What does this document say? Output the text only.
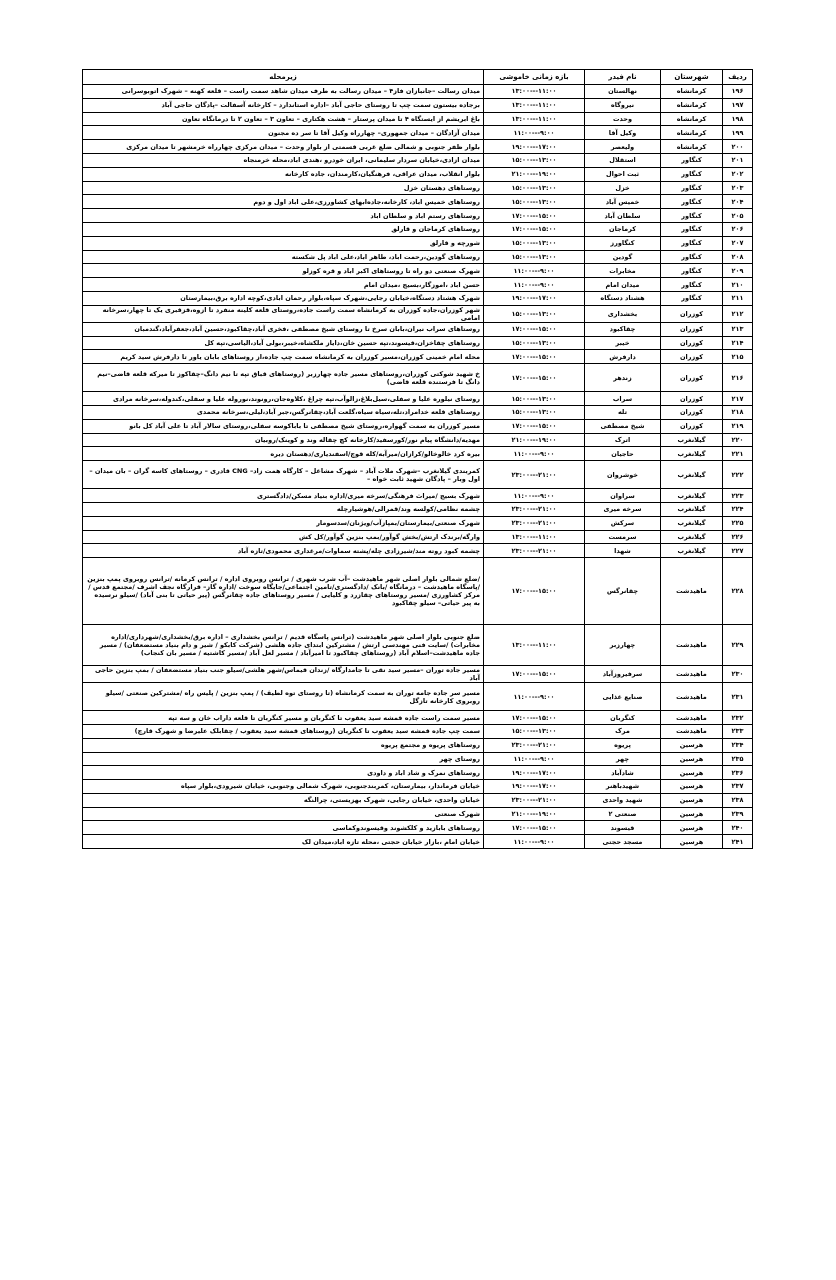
ردیف	شهرستان	نام فیدر	بازه زمانی خاموشی	زیرمحله
۱۹۶	کرمانشاه	نهالستان	۱۱:۰۰---۱۳:۰۰	میدان رسالت –جانبازان فاز۴ – میدان رسالت به طرف میدان شاهد سمت راست – قلعه کهنه – شهرک اتوبوسرانی
۱۹۷	کرمانشاه	نیروگاه	۱۱:۰۰---۱۳:۰۰	برجاده بیستون سمت چپ تا روستای حاجی آباد –اداره استاندارد – کارخانه آسفالت –پادگان حاجی آباد
۱۹۸	کرمانشاه	وحدت	۱۱:۰۰---۱۳:۰۰	باغ ابریشم از ایستگاه ۴ تا میدان پرستار – هشت هکتاری – تعاون ۳ – تعاون ۲ تا درمانگاه تعاون
۱۹۹	کرمانشاه	وکیل آقا	۹:۰۰---۱۱:۰۰	میدان آزادگان – میدان جمهوری– چهارراه وکیل آقا تا سر ده مجنون
۲۰۰	کرمانشاه	ولیعصر	۱۷:۰۰---۱۹:۰۰	بلوار ظفر جنوبی و شمالی ضلع غربی قسمتی از بلوار وحدت – میدان مرکزی چهارراه خرمشهر تا میدان مرکزی
۲۰۱	کنگاور	استقلال	۱۳:۰۰---۱۵:۰۰	میدان ازادی،خیابان سردار سلیمانی، ایران خودرو ،هندی اباد،محله خرمنجاه
۲۰۲	کنگاور	ثبت احوال	۱۹:۰۰---۲۱:۰۰	بلوار انقلاب، میدان عراقی، فرهنگیان،کارمندان، جاده کارخانه
۲۰۳	کنگاور	خزل	۱۳:۰۰---۱۵:۰۰	روستاهای دهستان خزل
۲۰۴	کنگاور	خمیس آباد	۱۳:۰۰---۱۵:۰۰	روستاهای خمیس اباد، کارخانه،جاده‌ابهای کشاورزی،علی اباد اول و دوم
۲۰۵	کنگاور	سلطان آباد	۱۵:۰۰---۱۷:۰۰	روستاهای رستم اباد و سلطان اباد
۲۰۶	کنگاور	کرماجان	۱۵:۰۰---۱۷:۰۰	روستاهای کرماجان و قارلق
۲۰۷	کنگاور	کنگاورز	۱۳:۰۰---۱۵:۰۰	شورچه و قارلق
۲۰۸	کنگاور	گودین	۱۳:۰۰---۱۵:۰۰	روستاهای گودین،رحمت اباد، طاهر اباد،علی اباد پل شکسته
۲۰۹	کنگاور	مخابرات	۹:۰۰---۱۱:۰۰	شهرک صنعتی دو راه تا روستاهای اکبر اباد و قره کوزلو
۲۱۰	کنگاور	میدان امام	۹:۰۰---۱۱:۰۰	حسن اباد ،اموزگار،بسیج ،میدان امام
۲۱۱	کنگاور	هشتاد دستگاه	۱۷:۰۰---۱۹:۰۰	شهرک هشتاد دستگاه،خیابان رجایی،شهرک سپاه،بلوار رحمان ابادی،کوچه اداره برق،بیمارستان
۲۱۲	کوزران	بخشداری	۱۳:۰۰---۱۵:۰۰	شهر کوزران،جاده کوزران به کرمانشاه سمت راست جاده،روستای قلعه کلینه منفرد تا ازوه،قزقبری یک تا چهار،سرخانه امامی
۲۱۳	کوزران	چقاکبود	۱۵:۰۰---۱۷:۰۰	روستاهای سراب نیران،بابان سرخ تا روستای شیخ مصطفی ،فخری آباد،چقاکبود،حسین آباد،جعفرآباد،گندمبان
۲۱۴	کوزران	خیبر	۱۳:۰۰---۱۵:۰۰	روستاهای چقاخزان،قیسوند،تپه حسین خان،دایاز ملکشاه،خیبر،بولی آباد،الیاسی،تپه کل
۲۱۵	کوزران	دارفرش	۱۵:۰۰---۱۷:۰۰	محله امام خمینی کوزران،مسیر کوزران به کرمانشاه سمت چپ جاده،از روستاهای بابان یاور تا دارفرش سید کریم
۲۱۶	کوزران	زندهر	۱۵:۰۰---۱۷:۰۰	خ شهید شوکتی کوزران،روستاهای مسیر جاده چهارزبر (روستاهای قباق تپه تا نیم دانگ–چقاکوز تا میرکه قلعه قاضی–نیم دانگ تا فرستنده قلعه قاضی)
۲۱۷	کوزران	سراب	۱۳:۰۰---۱۵:۰۰	روستای نیلوره علیا و سفلی،سیل‌بلاغ،زالوآب،تپه چراغ ،کلاوه‌جان،رونوند،نوروله علیا و سفلی،کندوله،سرخانه مرادی
۲۱۸	کوزران	تله	۱۳:۰۰---۱۵:۰۰	روستاهای قلعه خدامراد،تله،سیاه سیاه،گلعت آباد،چقانرگس،جبر آباد،لیلی،سرخانه محمدی
۲۱۹	کوزران	شیخ مصطفی	۱۵:۰۰---۱۷:۰۰	مسیر کوزران به سمت گهواره،روستای شیخ مصطفی تا باباکوسه سفلی،روستای سالار آباد تا علی آباد کل بانو
۲۲۰	گیلانغرب	اترک	۱۹:۰۰---۲۱:۰۰	مهدیه/دانشگاه پیام نور/کورسفید/کارخانه کچ چقاله وند و کوینک/روبیان
۲۲۱	گیلانغرب	حاجیان	۹:۰۰---۱۱:۰۰	بیره کرد خالوخالو/کرازان/میرآبه/کله قوچ/اسفندیاری/دهستان دیره
۲۲۲	گیلانغرب	خوشروان	۲۱:۰۰---۲۳:۰۰	کمربندی گیلانغرب –شهرک ملات آباد – شهرک مشاغل – کارگاه همت زاد– CNG قادری – روستاهای کاسه گران – بان میدان – اول وبار – پادگان شهید ثابت خواه –
۲۲۳	گیلانغرب	سراوان	۹:۰۰---۱۱:۰۰	شهرک بسیج /میراث فرهنگی/سرخه میری/اداره بنیاد مسکن/دادگستری
۲۲۴	گیلانغرب	سرخه میری	۲۱:۰۰---۲۳:۰۰	چشمه نظامی/کولسه وند/قمرالی/هوشیارچله
۲۲۵	گیلانغرب	سرکش	۲۱:۰۰---۲۳:۰۰	شهرک صنعتی/بیمارستان/بمپازآب/ویژنان/سدسومار
۲۲۶	گیلانغرب	سرمست	۱۱:۰۰---۱۳:۰۰	وارگه/برندک ارتش/بخش گوآور/بمپ بنزین گوآور/کل کش
۲۲۷	گیلانغرب	شهدا	۲۱:۰۰---۲۳:۰۰	چشمه کبود روته مند/شیرزادی چله/پشته سماوات/مرغداری محمودی/تازه آباد
۲۲۸	ماهیدشت	چقانرگس	۱۵:۰۰---۱۷:۰۰	/ضلع شمالی بلوار اصلی شهر ماهیدشت –آب شرب شهری / ترانس روبروی اداره / ترانس کرمانه /ترانس روبروی پمپ بنزین /پاسگاه ماهیدشت – درمانگاه /بانک /دادگستری/تامین اجتماعی/جایگاه سوخت /اداره گاز– قرارگاه نجف اشرف /مجتمع قدس /مرکز کشاورزی /مسیر روستاهای چقازرد و کلیایی / مسیر روستاهای جاده چقانرگس (پیر حیاتی تا بنی آباد) /سیلو نرسیده به پیر حیاتی– سیلو چقاکبود
۲۲۹	ماهیدشت	چهارزبر	۱۱:۰۰---۱۳:۰۰	ضلع جنوبی بلوار اصلی شهر ماهیدشت (ترانس پاسگاه قدیم / ترانس بخشداری – اداره برق/بخشداری/شهرداری/اداره مخابرات) /سایت فنی مهندسی ارتش / مشترکین ابتدای جاده هلشی (شرکت کابکو / شیر و دام بنیاد مستضعفان) / مسیر جاده ماهیدشت–اسلام آباد (روستاهای چقاکبود تا امیرآباد / مسیر لعل آباد /مسیر کاشتیه / مسیر بان کنجاب)
۲۳۰	ماهیدشت	سرفیروزآباد	۱۵:۰۰---۱۷:۰۰	مسیر جاده توران –مسیر سید نقی تا جامدارگاه /زندان قیماس/شهر هلشی/سیلو جنب بنیاد مستضعفان / بمپ بنزین حاجی آباد
۲۳۱	ماهیدشت	صنایع غذایی	۹:۰۰---۱۱:۰۰	مسیر سر جاده جامه توران به سمت کرمانشاه (تا روستای توه لطیف) / پمپ بنزین / پلیس راه /مشترکین صنعتی /سیلو روبروی کارخانه تازگل
۲۳۲	ماهیدشت	کنگربان	۱۵:۰۰---۱۷:۰۰	مسیر سمت راست جاده قمشه سید یعقوب تا کنگربان و مسیر کنگربان تا قلعه داراب خان و سه تپه
۲۳۳	ماهیدشت	مرک	۱۳:۰۰---۱۵:۰۰	سمت چپ جاده قمشه سید یعقوب تا کنگربان (روستاهای قمشه سید یعقوب / چقابلک علیرضا و شهرک قارچ)
۲۳۴	هرسین	پریوه	۲۱:۰۰---۲۳:۰۰	روستاهای پریوه و مجتمع پریوه
۲۳۵	هرسین	چهر	۹:۰۰---۱۱:۰۰	روستای چهر
۲۳۶	هرسین	شادآباد	۱۷:۰۰---۱۹:۰۰	روستاهای نمرک و شاد اباد و داودی
۲۳۷	هرسین	شهیدباهنر	۱۷:۰۰---۱۹:۰۰	خیابان فرماندار، بیمارستان، کمربندجنوبی، شهرک شمالی وجنوبی، خیابان شیرودی،بلوار سپاه
۲۳۸	هرسین	شهید واحدی	۲۱:۰۰---۲۳:۰۰	خیابان واحدی، خیابان رجایی، شهرک بهزیستی، چرالنگه
۲۳۹	هرسین	صنعتی ۲	۱۹:۰۰---۲۱:۰۰	شهرک صنعتی
۲۴۰	هرسین	قیسوند	۱۵:۰۰---۱۷:۰۰	روستاهای بابازید و کلکشوند وقیسوندوکماسی
۲۴۱	هرسین	مسجد حجتی	۹:۰۰---۱۱:۰۰	خیابان امام ،بازار خیابان حجتی ،محله تازه اباد،میدان لک
